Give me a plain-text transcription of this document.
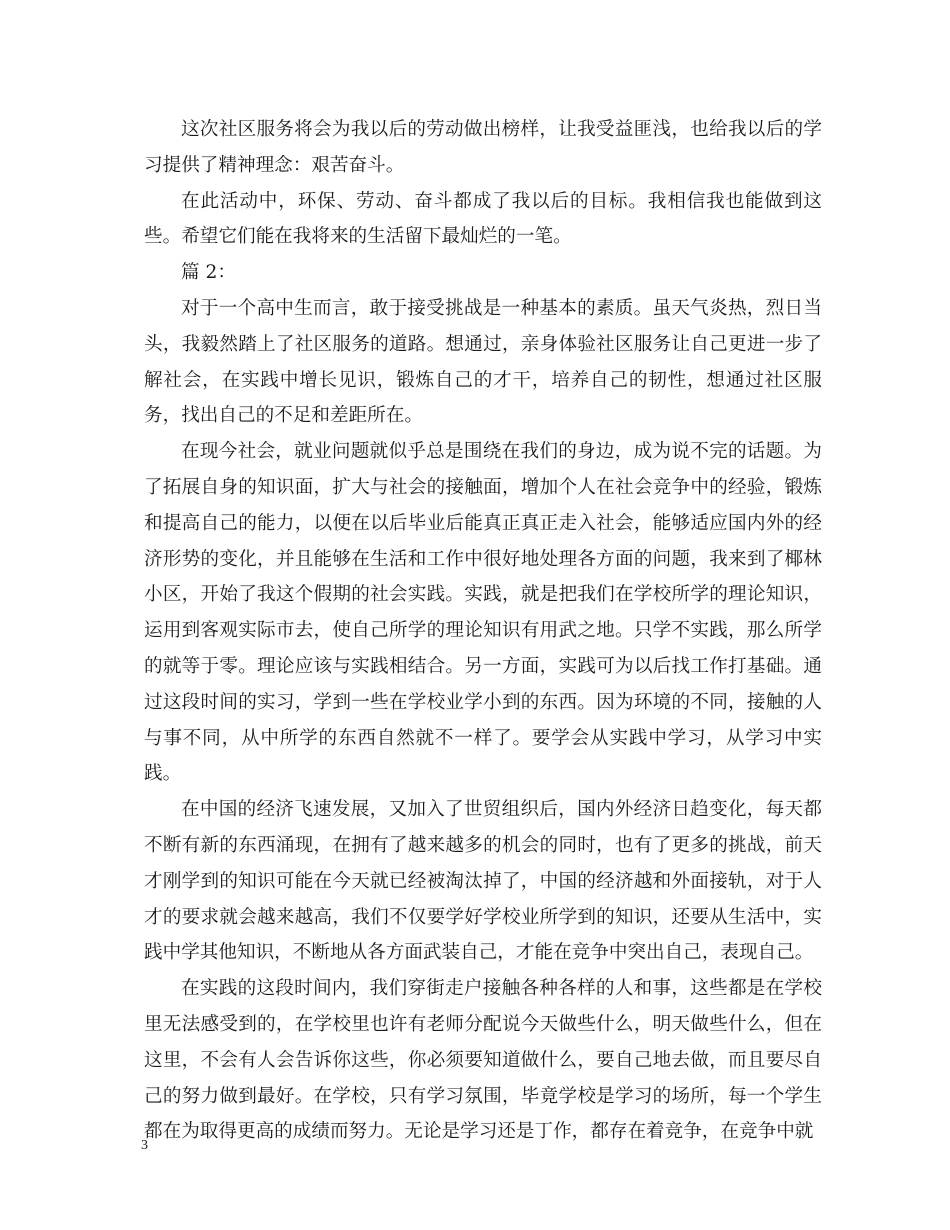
这次社区服务将会为我以后的劳动做出榜样，让我受益匪浅，也给我以后的学习提供了精神理念：艰苦奋斗。

在此活动中，环保、劳动、奋斗都成了我以后的目标。我相信我也能做到这些。希望它们能在我将来的生活留下最灿烂的一笔。

篇 2：

对于一个高中生而言，敢于接受挑战是一种基本的素质。虽天气炎热，烈日当头，我毅然踏上了社区服务的道路。想通过，亲身体验社区服务让自己更进一步了解社会，在实践中增长见识，锻炼自己的才干，培养自己的韧性，想通过社区服务，找出自己的不足和差距所在。

在现今社会，就业问题就似乎总是围绕在我们的身边，成为说不完的话题。为了拓展自身的知识面，扩大与社会的接触面，增加个人在社会竞争中的经验，锻炼和提高自己的能力，以便在以后毕业后能真正真正走入社会，能够适应国内外的经济形势的变化，并且能够在生活和工作中很好地处理各方面的问题，我来到了椰林小区，开始了我这个假期的社会实践。实践，就是把我们在学校所学的理论知识，运用到客观实际市去，使自己所学的理论知识有用武之地。只学不实践，那么所学的就等于零。理论应该与实践相结合。另一方面，实践可为以后找工作打基础。通过这段时间的实习，学到一些在学校业学小到的东西。因为环境的不同，接触的人与事不同，从中所学的东西自然就不一样了。要学会从实践中学习，从学习中实践。

在中国的经济飞速发展，又加入了世贸组织后，国内外经济日趋变化，每天都不断有新的东西涌现，在拥有了越来越多的机会的同时，也有了更多的挑战，前天才刚学到的知识可能在今天就已经被淘汰掉了，中国的经济越和外面接轨，对于人才的要求就会越来越高，我们不仅要学好学校业所学到的知识，还要从生活中，实践中学其他知识，不断地从各方面武装自己，才能在竞争中突出自己，表现自己。

在实践的这段时间内，我们穿街走户接触各种各样的人和事，这些都是在学校里无法感受到的，在学校里也许有老师分配说今天做些什么，明天做些什么，但在这里，不会有人会告诉你这些，你必须要知道做什么，要自己地去做，而且要尽自己的努力做到最好。在学校，只有学习氛围，毕竟学校是学习的场所，每一个学生都在为取得更高的成绩而努力。无论是学习还是丁作，都存在着竞争，在竞争中就

3
